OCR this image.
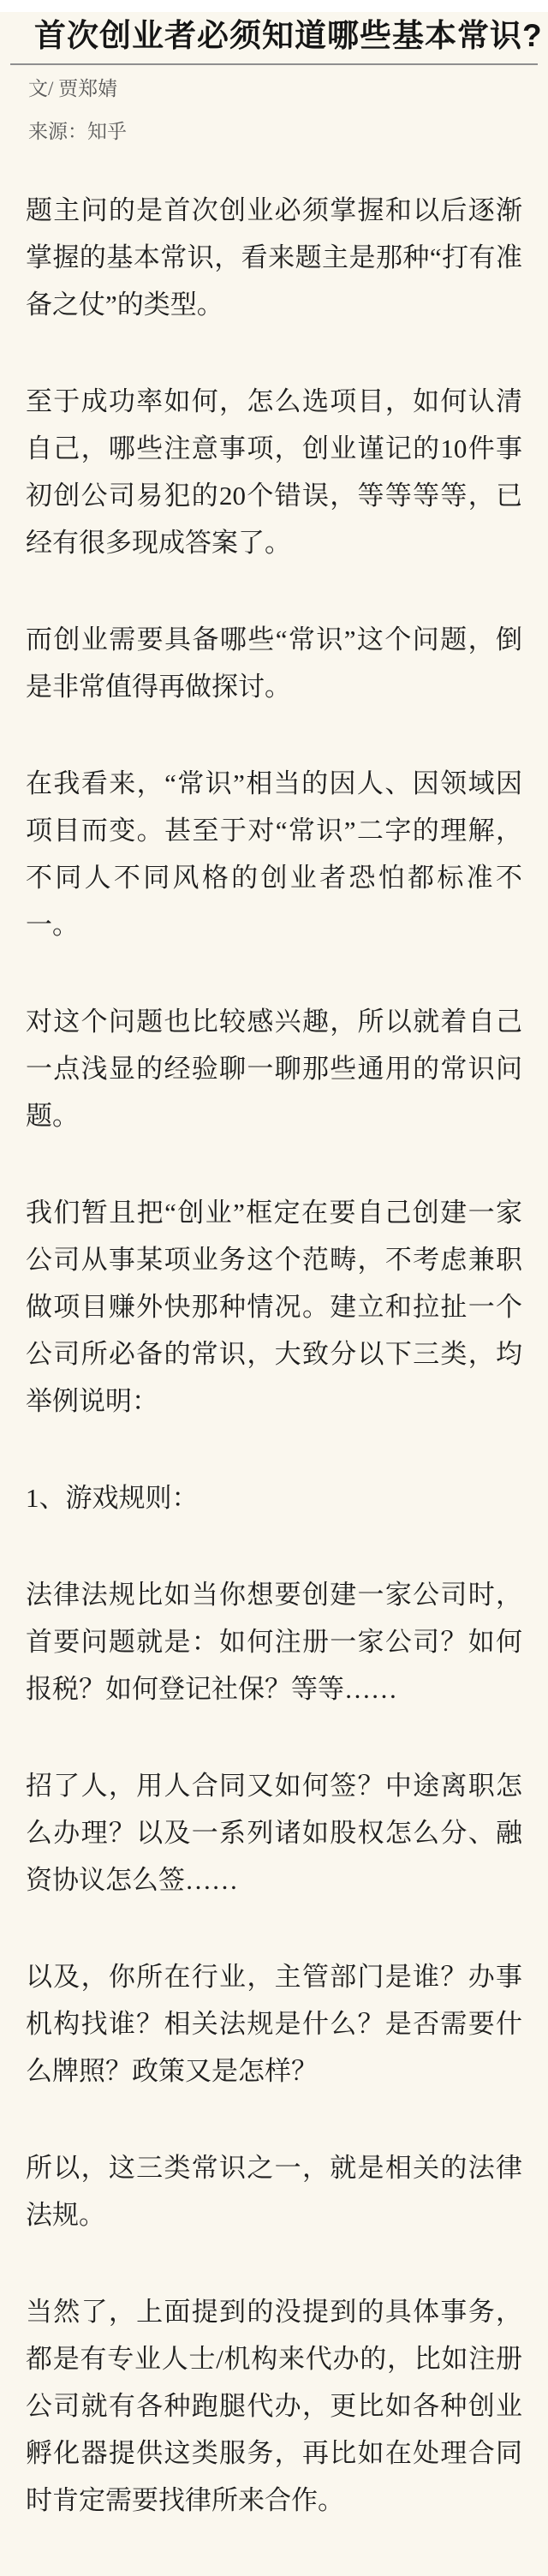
首次创业者必须知道哪些基本常识?
文/ 贾郑婧
来源：知乎

题主问的是首次创业必须掌握和以后逐渐掌握的基本常识，看来题主是那种“打有准备之仗”的类型。

至于成功率如何，怎么选项目，如何认清自己，哪些注意事项，创业谨记的10件事初创公司易犯的20个错误，等等等等，已经有很多现成答案了。

而创业需要具备哪些“常识”这个问题，倒是非常值得再做探讨。

在我看来，“常识”相当的因人、因领域因项目而变。甚至于对“常识”二字的理解，不同人不同风格的创业者恐怕都标准不一。

对这个问题也比较感兴趣，所以就着自己一点浅显的经验聊一聊那些通用的常识问题。

我们暂且把“创业”框定在要自己创建一家公司从事某项业务这个范畴，不考虑兼职做项目赚外快那种情况。建立和拉扯一个公司所必备的常识，大致分以下三类，均举例说明：

1、游戏规则：

法律法规比如当你想要创建一家公司时，首要问题就是：如何注册一家公司？如何报税？如何登记社保？等等……

招了人，用人合同又如何签？中途离职怎么办理？以及一系列诸如股权怎么分、融资协议怎么签……

以及，你所在行业，主管部门是谁？办事机构找谁？相关法规是什么？是否需要什么牌照？政策又是怎样？

所以，这三类常识之一，就是相关的法律法规。

当然了，上面提到的没提到的具体事务，都是有专业人士/机构来代办的，比如注册公司就有各种跑腿代办，更比如各种创业孵化器提供这类服务，再比如在处理合同时肯定需要找律所来合作。
